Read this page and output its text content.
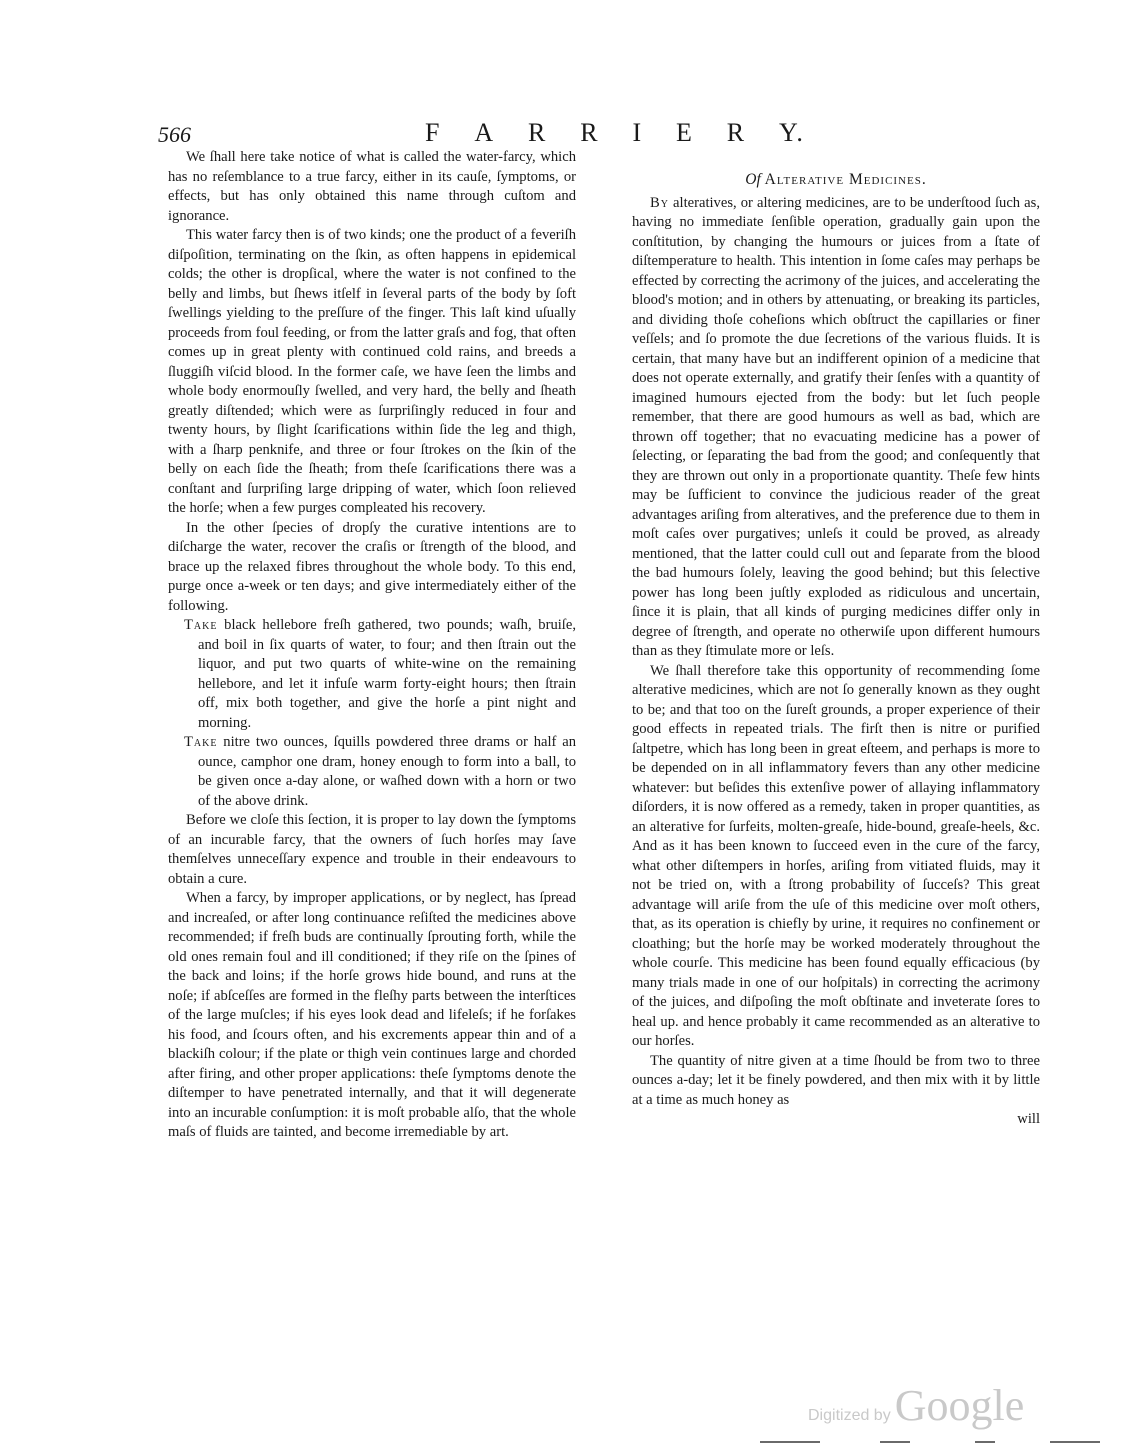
566	F A R R I E R Y.

We ſhall here take notice of what is called the water-farcy, which has no reſemblance to a true farcy, either in its cauſe, ſymptoms, or effects, but has only obtained this name through cuſtom and ignorance.

This water farcy then is of two kinds; one the product of a feveriſh diſpoſition, terminating on the ſkin, as often happens in epidemical colds; the other is dropſical, where the water is not confined to the belly and limbs, but ſhews itſelf in ſeveral parts of the body by ſoft ſwellings yielding to the preſſure of the finger. This laſt kind uſually proceeds from foul feeding, or from the latter graſs and fog, that often comes up in great plenty with continued cold rains, and breeds a ſluggiſh viſcid blood. In the former caſe, we have ſeen the limbs and whole body enormouſly ſwelled, and very hard, the belly and ſheath greatly diſtended; which were as ſurpriſingly reduced in four and twenty hours, by ſlight ſcarifications within ſide the leg and thigh, with a ſharp penknife, and three or four ſtrokes on the ſkin of the belly on each ſide the ſheath; from theſe ſcarifications there was a conſtant and ſurpriſing large dripping of water, which ſoon relieved the horſe; when a few purges compleated his recovery.

In the other ſpecies of dropſy the curative intentions are to diſcharge the water, recover the craſis or ſtrength of the blood, and brace up the relaxed fibres throughout the whole body. To this end, purge once a-week or ten days; and give intermediately either of the following.

Take black hellebore freſh gathered, two pounds; waſh, bruiſe, and boil in ſix quarts of water, to four; and then ſtrain out the liquor, and put two quarts of white-wine on the remaining hellebore, and let it infuſe warm forty-eight hours; then ſtrain off, mix both together, and give the horſe a pint night and morning.

Take nitre two ounces, ſquills powdered three drams or half an ounce, camphor one dram, honey enough to form into a ball, to be given once a-day alone, or waſhed down with a horn or two of the above drink.

Before we cloſe this ſection, it is proper to lay down the ſymptoms of an incurable farcy, that the owners of ſuch horſes may ſave themſelves unneceſſary expence and trouble in their endeavours to obtain a cure.

When a farcy, by improper applications, or by neglect, has ſpread and increaſed, or after long continuance reſiſted the medicines above recommended; if freſh buds are continually ſprouting forth, while the old ones remain foul and ill conditioned; if they riſe on the ſpines of the back and loins; if the horſe grows hide bound, and runs at the noſe; if abſceſſes are formed in the fleſhy parts between the interſtices of the large muſcles; if his eyes look dead and lifeleſs; if he forſakes his food, and ſcours often, and his excrements appear thin and of a blackiſh colour; if the plate or thigh vein continues large and chorded after firing, and other proper applications: theſe ſymptoms denote the diſtemper to have penetrated internally, and that it will degenerate into an incurable conſumption: it is moſt probable alſo, that the whole maſs of fluids are tainted, and become irremediable by art.

Of Alterative Medicines.

By alteratives, or altering medicines, are to be underſtood ſuch as, having no immediate ſenſible operation, gradually gain upon the conſtitution, by changing the humours or juices from a ſtate of diſtemperature to health. This intention in ſome caſes may perhaps be effected by correcting the acrimony of the juices, and accelerating the blood's motion; and in others by attenuating, or breaking its particles, and dividing thoſe coheſions which obſtruct the capillaries or finer veſſels; and ſo promote the due ſecretions of the various fluids. It is certain, that many have but an indifferent opinion of a medicine that does not operate externally, and gratify their ſenſes with a quantity of imagined humours ejected from the body: but let ſuch people remember, that there are good humours as well as bad, which are thrown off together; that no evacuating medicine has a power of ſelecting, or ſeparating the bad from the good; and conſequently that they are thrown out only in a proportionate quantity. Theſe few hints may be ſufficient to convince the judicious reader of the great advantages ariſing from alteratives, and the preference due to them in moſt caſes over purgatives; unleſs it could be proved, as already mentioned, that the latter could cull out and ſeparate from the blood the bad humours ſolely, leaving the good behind; but this ſelective power has long been juſtly exploded as ridiculous and uncertain, ſince it is plain, that all kinds of purging medicines differ only in degree of ſtrength, and operate no otherwiſe upon different humours than as they ſtimulate more or leſs.

We ſhall therefore take this opportunity of recommending ſome alterative medicines, which are not ſo generally known as they ought to be; and that too on the ſureſt grounds, a proper experience of their good effects in repeated trials. The firſt then is nitre or purified ſaltpetre, which has long been in great eſteem, and perhaps is more to be depended on in all inflammatory fevers than any other medicine whatever: but beſides this extenſive power of allaying inflammatory diſorders, it is now offered as a remedy, taken in proper quantities, as an alterative for ſurfeits, molten-greaſe, hide-bound, greaſe-heels, &c. And as it has been known to ſucceed even in the cure of the farcy, what other diſtempers in horſes, ariſing from vitiated fluids, may it not be tried on, with a ſtrong probability of ſucceſs? This great advantage will ariſe from the uſe of this medicine over moſt others, that, as its operation is chiefly by urine, it requires no confinement or cloathing; but the horſe may be worked moderately throughout the whole courſe. This medicine has been found equally efficacious (by many trials made in one of our hoſpitals) in correcting the acrimony of the juices, and diſpoſing the moſt obſtinate and inveterate ſores to heal up. and hence probably it came recommended as an alterative to our horſes.

The quantity of nitre given at a time ſhould be from two to three ounces a-day; let it be finely powdered, and then mix with it by little at a time as much honey as

will
Digitized by Google
